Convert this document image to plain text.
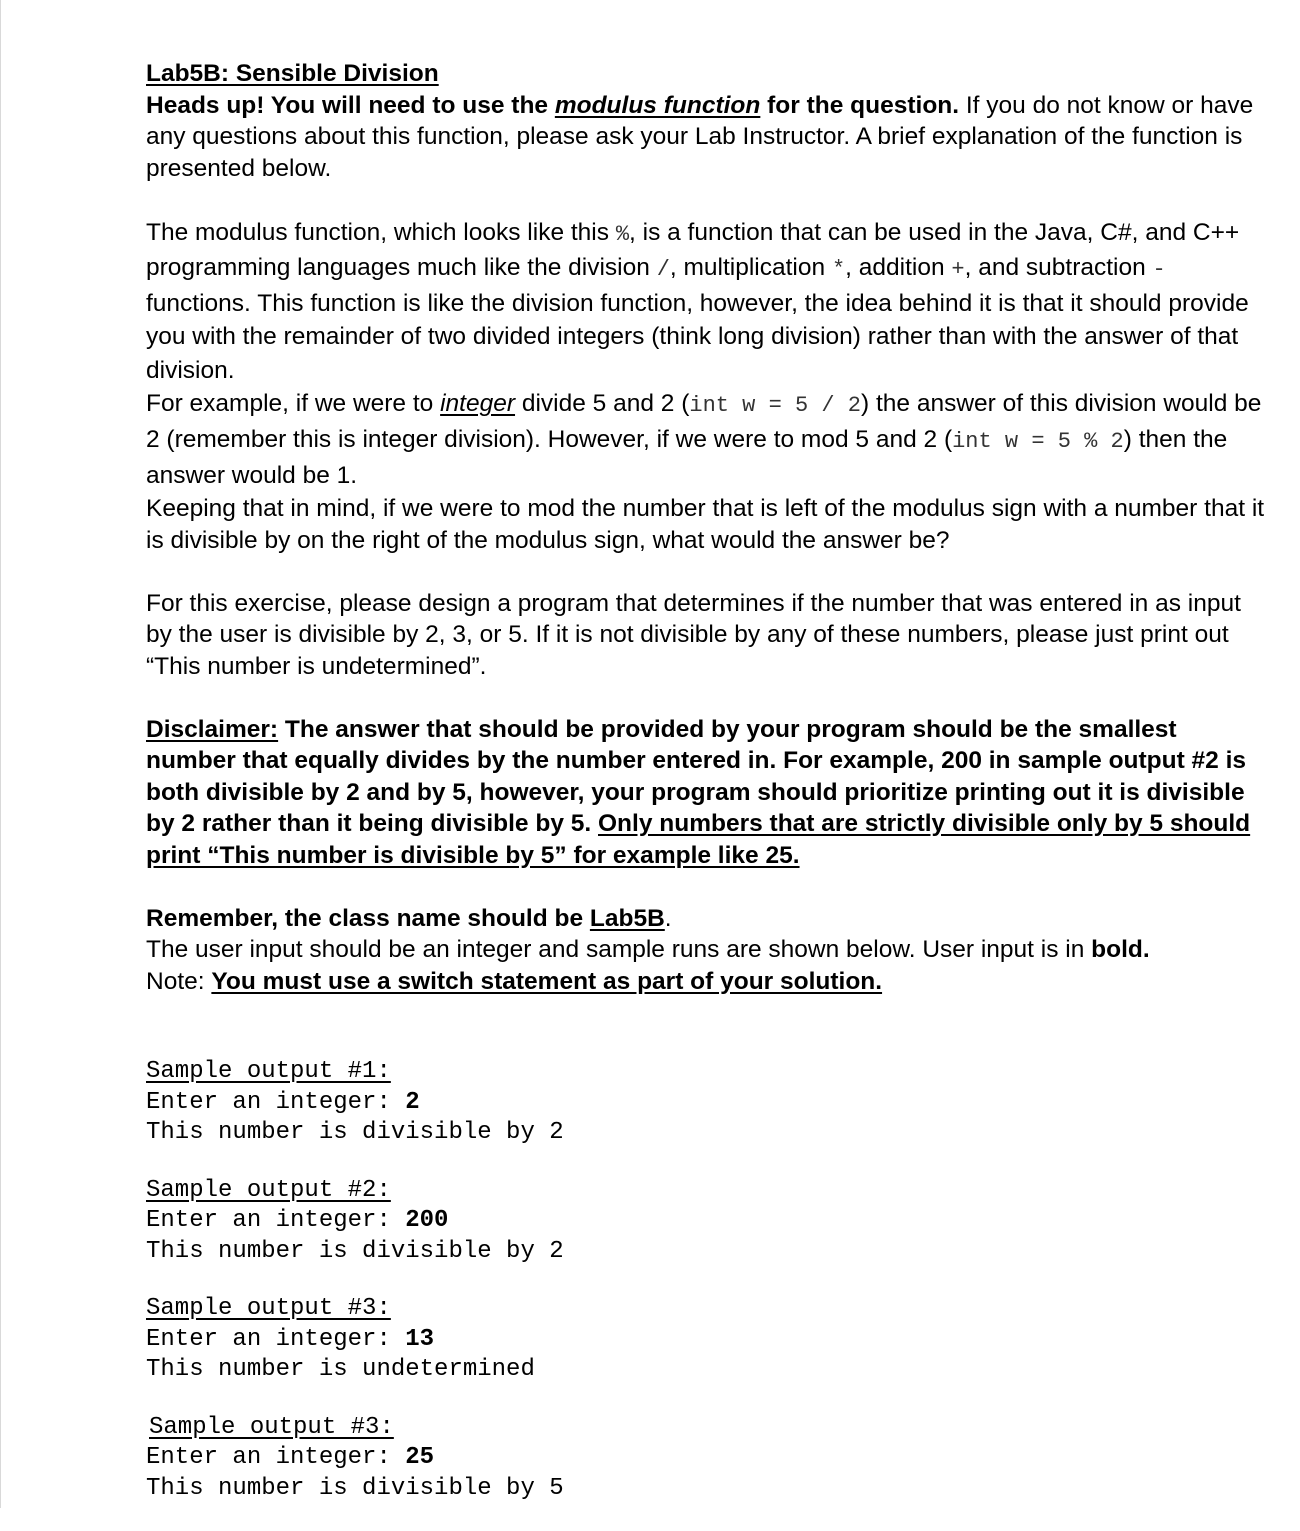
Lab5B: Sensible Division

Heads up! You will need to use the modulus function for the question. If you do not know or have any questions about this function, please ask your Lab Instructor. A brief explanation of the function is presented below.

The modulus function, which looks like this %, is a function that can be used in the Java, C#, and C++ programming languages much like the division /, multiplication *, addition +, and subtraction - functions. This function is like the division function, however, the idea behind it is that it should provide you with the remainder of two divided integers (think long division) rather than with the answer of that division.

For example, if we were to integer divide 5 and 2 (int w = 5 / 2) the answer of this division would be 2 (remember this is integer division). However, if we were to mod 5 and 2 (int w = 5 % 2) then the answer would be 1.

Keeping that in mind, if we were to mod the number that is left of the modulus sign with a number that it is divisible by on the right of the modulus sign, what would the answer be?

For this exercise, please design a program that determines if the number that was entered in as input by the user is divisible by 2, 3, or 5. If it is not divisible by any of these numbers, please just print out “This number is undetermined”.

Disclaimer: The answer that should be provided by your program should be the smallest number that equally divides by the number entered in. For example, 200 in sample output #2 is both divisible by 2 and by 5, however, your program should prioritize printing out it is divisible by 2 rather than it being divisible by 5. Only numbers that are strictly divisible only by 5 should print “This number is divisible by 5” for example like 25.

Remember, the class name should be Lab5B.

The user input should be an integer and sample runs are shown below. User input is in bold.

Note: You must use a switch statement as part of your solution.

Sample output #1:
Enter an integer: 2
This number is divisible by 2
Sample output #2:
Enter an integer: 200
This number is divisible by 2
Sample output #3:
Enter an integer: 13
This number is undetermined
Sample output #3:
Enter an integer: 25
This number is divisible by 5
